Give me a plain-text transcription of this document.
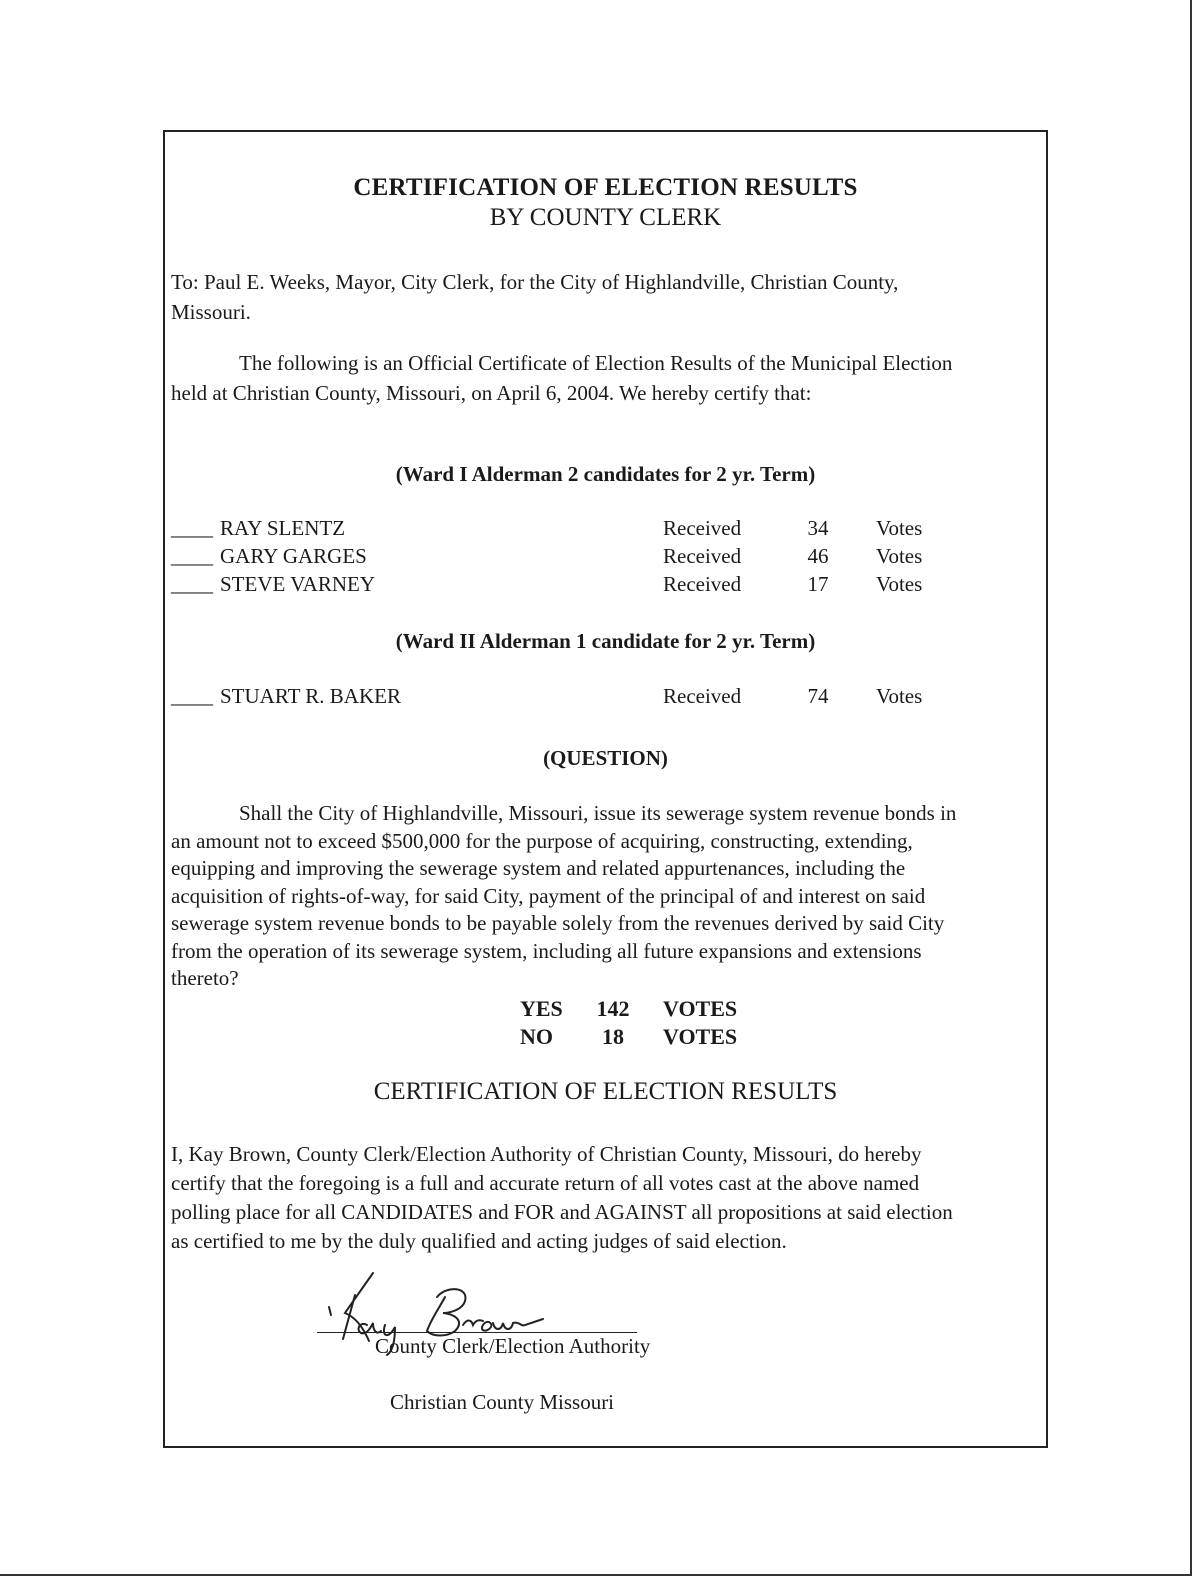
CERTIFICATION OF ELECTION RESULTS
BY COUNTY CLERK
To: Paul E. Weeks, Mayor, City Clerk, for the City of Highlandville, Christian County,
Missouri.
The following is an Official Certificate of Election Results of the Municipal Election
held at Christian County, Missouri, on April 6, 2004. We hereby certify that:
(Ward I Alderman 2 candidates for 2 yr. Term)
____ RAY SLENTZ	Received	34	Votes
____ GARY GARGES	Received	46	Votes
____ STEVE VARNEY	Received	17	Votes
(Ward II Alderman 1 candidate for 2 yr. Term)
____ STUART R. BAKER	Received	74	Votes
(QUESTION)
Shall the City of Highlandville, Missouri, issue its sewerage system revenue bonds in
an amount not to exceed $500,000 for the purpose of acquiring, constructing, extending,
equipping and improving the sewerage system and related appurtenances, including the
acquisition of rights-of-way, for said City, payment of the principal of and interest on said
sewerage system revenue bonds to be payable solely from the revenues derived by said City
from the operation of its sewerage system, including all future expansions and extensions
thereto?
YES	142	VOTES
NO	18	VOTES
CERTIFICATION OF ELECTION RESULTS
I, Kay Brown, County Clerk/Election Authority of Christian County, Missouri, do hereby
certify that the foregoing is a full and accurate return of all votes cast at the above named
polling place for all CANDIDATES and FOR and AGAINST all propositions at said election
as certified to me by the duly qualified and acting judges of said election.
County Clerk/Election Authority
Christian County Missouri
